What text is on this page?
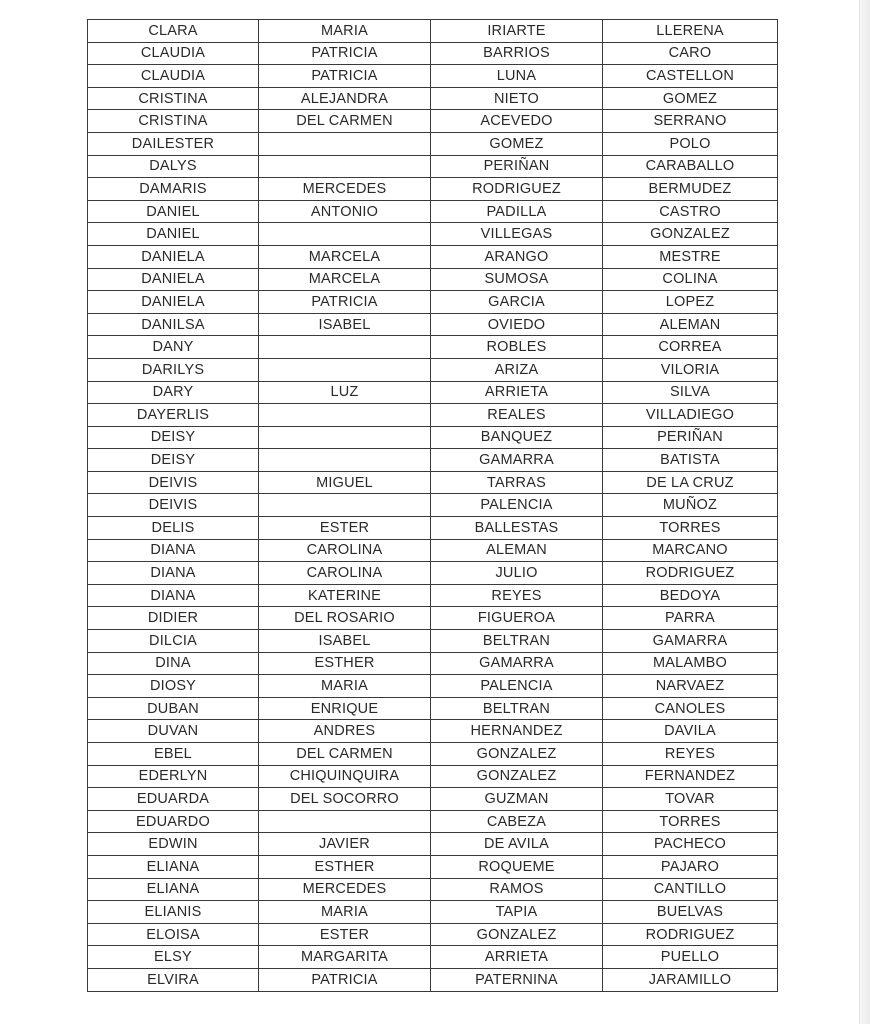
CLARA	MARIA	IRIARTE	LLERENA
CLAUDIA	PATRICIA	BARRIOS	CARO
CLAUDIA	PATRICIA	LUNA	CASTELLON
CRISTINA	ALEJANDRA	NIETO	GOMEZ
CRISTINA	DEL CARMEN	ACEVEDO	SERRANO
DAILESTER		GOMEZ	POLO
DALYS		PERIÑAN	CARABALLO
DAMARIS	MERCEDES	RODRIGUEZ	BERMUDEZ
DANIEL	ANTONIO	PADILLA	CASTRO
DANIEL		VILLEGAS	GONZALEZ
DANIELA	MARCELA	ARANGO	MESTRE
DANIELA	MARCELA	SUMOSA	COLINA
DANIELA	PATRICIA	GARCIA	LOPEZ
DANILSA	ISABEL	OVIEDO	ALEMAN
DANY		ROBLES	CORREA
DARILYS		ARIZA	VILORIA
DARY	LUZ	ARRIETA	SILVA
DAYERLIS		REALES	VILLADIEGO
DEISY		BANQUEZ	PERIÑAN
DEISY		GAMARRA	BATISTA
DEIVIS	MIGUEL	TARRAS	DE LA CRUZ
DEIVIS		PALENCIA	MUÑOZ
DELIS	ESTER	BALLESTAS	TORRES
DIANA	CAROLINA	ALEMAN	MARCANO
DIANA	CAROLINA	JULIO	RODRIGUEZ
DIANA	KATERINE	REYES	BEDOYA
DIDIER	DEL ROSARIO	FIGUEROA	PARRA
DILCIA	ISABEL	BELTRAN	GAMARRA
DINA	ESTHER	GAMARRA	MALAMBO
DIOSY	MARIA	PALENCIA	NARVAEZ
DUBAN	ENRIQUE	BELTRAN	CANOLES
DUVAN	ANDRES	HERNANDEZ	DAVILA
EBEL	DEL CARMEN	GONZALEZ	REYES
EDERLYN	CHIQUINQUIRA	GONZALEZ	FERNANDEZ
EDUARDA	DEL SOCORRO	GUZMAN	TOVAR
EDUARDO		CABEZA	TORRES
EDWIN	JAVIER	DE AVILA	PACHECO
ELIANA	ESTHER	ROQUEME	PAJARO
ELIANA	MERCEDES	RAMOS	CANTILLO
ELIANIS	MARIA	TAPIA	BUELVAS
ELOISA	ESTER	GONZALEZ	RODRIGUEZ
ELSY	MARGARITA	ARRIETA	PUELLO
ELVIRA	PATRICIA	PATERNINA	JARAMILLO
